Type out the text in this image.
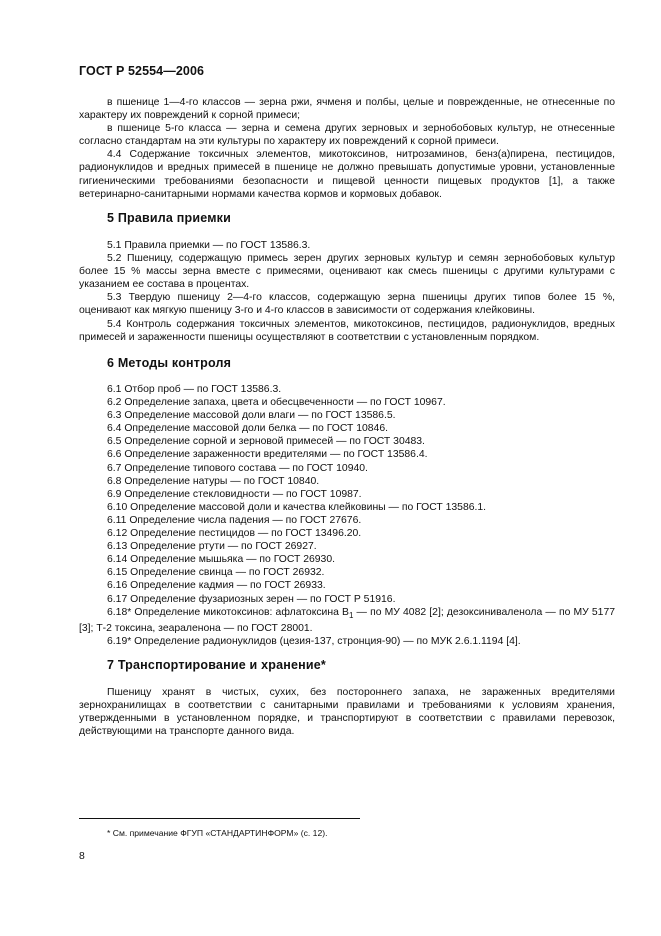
ГОСТ Р 52554—2006

в пшенице 1—4-го классов — зерна ржи, ячменя и полбы, целые и поврежденные, не отнесенные по характеру их повреждений к сорной примеси;

в пшенице 5-го класса — зерна и семена других зерновых и зернобобовых культур, не отнесенные согласно стандартам на эти культуры по характеру их повреждений к сорной примеси.

4.4 Содержание токсичных элементов, микотоксинов, нитрозаминов, бенз(а)пирена, пестицидов, радионуклидов и вредных примесей в пшенице не должно превышать допустимые уровни, установленные гигиеническими требованиями безопасности и пищевой ценности пищевых продуктов [1], а также ветеринарно-санитарными нормами качества кормов и кормовых добавок.

5 Правила приемки

5.1 Правила приемки — по ГОСТ 13586.3.

5.2 Пшеницу, содержащую примесь зерен других зерновых культур и семян зернобобовых культур более 15 % массы зерна вместе с примесями, оценивают как смесь пшеницы с другими культурами с указанием ее состава в процентах.

5.3 Твердую пшеницу 2—4-го классов, содержащую зерна пшеницы других типов более 15 %, оценивают как мягкую пшеницу 3-го и 4-го классов в зависимости от содержания клейковины.

5.4 Контроль содержания токсичных элементов, микотоксинов, пестицидов, радионуклидов, вредных примесей и зараженности пшеницы осуществляют в соответствии с установленным порядком.

6 Методы контроля

6.1 Отбор проб — по ГОСТ 13586.3.

6.2 Определение запаха, цвета и обесцвеченности — по ГОСТ 10967.

6.3 Определение массовой доли влаги — по ГОСТ 13586.5.

6.4 Определение массовой доли белка — по ГОСТ 10846.

6.5 Определение сорной и зерновой примесей — по ГОСТ 30483.

6.6 Определение зараженности вредителями — по ГОСТ 13586.4.

6.7 Определение типового состава — по ГОСТ 10940.

6.8 Определение натуры — по ГОСТ 10840.

6.9 Определение стекловидности — по ГОСТ 10987.

6.10 Определение массовой доли и качества клейковины — по ГОСТ 13586.1.

6.11 Определение числа падения — по ГОСТ 27676.

6.12 Определение пестицидов — по ГОСТ 13496.20.

6.13 Определение ртути — по ГОСТ 26927.

6.14 Определение мышьяка — по ГОСТ 26930.

6.15 Определение свинца — по ГОСТ 26932.

6.16 Определение кадмия — по ГОСТ 26933.

6.17 Определение фузариозных зерен — по ГОСТ Р 51916.

6.18* Определение микотоксинов: афлатоксина $В_1$ — по МУ 4082 [2]; дезоксиниваленола — по МУ 5177 [3]; Т-2 токсина, зеараленона — по ГОСТ 28001.

6.19* Определение радионуклидов (цезия-137, стронция-90) — по МУК 2.6.1.1194 [4].

7 Транспортирование и хранение*

Пшеницу хранят в чистых, сухих, без постороннего запаха, не зараженных вредителями зернохранилищах в соответствии с санитарными правилами и требованиями к условиям хранения, утвержденными в установленном порядке, и транспортируют в соответствии с правилами перевозок, действующими на транспорте данного вида.

* См. примечание ФГУП «СТАНДАРТИНФОРМ» (с. 12).
8
